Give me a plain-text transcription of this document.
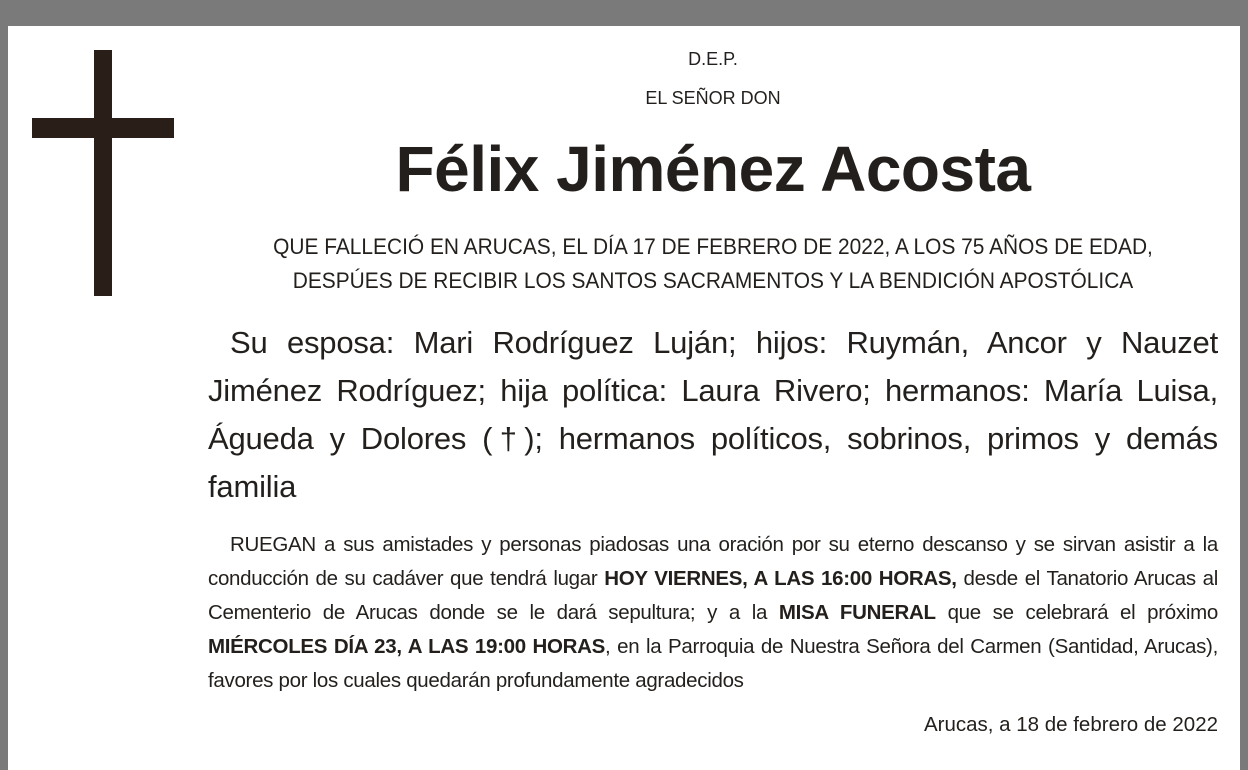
D.E.P.
EL SEÑOR DON
Félix Jiménez Acosta
QUE FALLECIÓ EN ARUCAS, EL DÍA 17 DE FEBRERO DE 2022, A LOS 75 AÑOS DE EDAD,
DESPÚES DE RECIBIR LOS SANTOS SACRAMENTOS Y LA BENDICIÓN APOSTÓLICA
Su esposa: Mari Rodríguez Luján; hijos: Ruymán, Ancor y Nauzet Jiménez Rodríguez; hija política: Laura Rivero; hermanos: María Luisa, Águeda y Dolores (†); hermanos políticos, sobrinos, primos y demás familia
RUEGAN a sus amistades y personas piadosas una oración por su eterno descanso y se sirvan asistir a la conducción de su cadáver que tendrá lugar HOY VIERNES, A LAS 16:00 HORAS, desde el Tanatorio Arucas al Cementerio de Arucas donde se le dará sepultura; y a la MISA FUNERAL que se celebrará el próximo MIÉRCOLES DÍA 23, A LAS 19:00 HORAS, en la Parroquia de Nuestra Señora del Carmen (Santidad, Arucas), favores por los cuales quedarán profundamente agradecidos
Arucas, a 18 de febrero de 2022
